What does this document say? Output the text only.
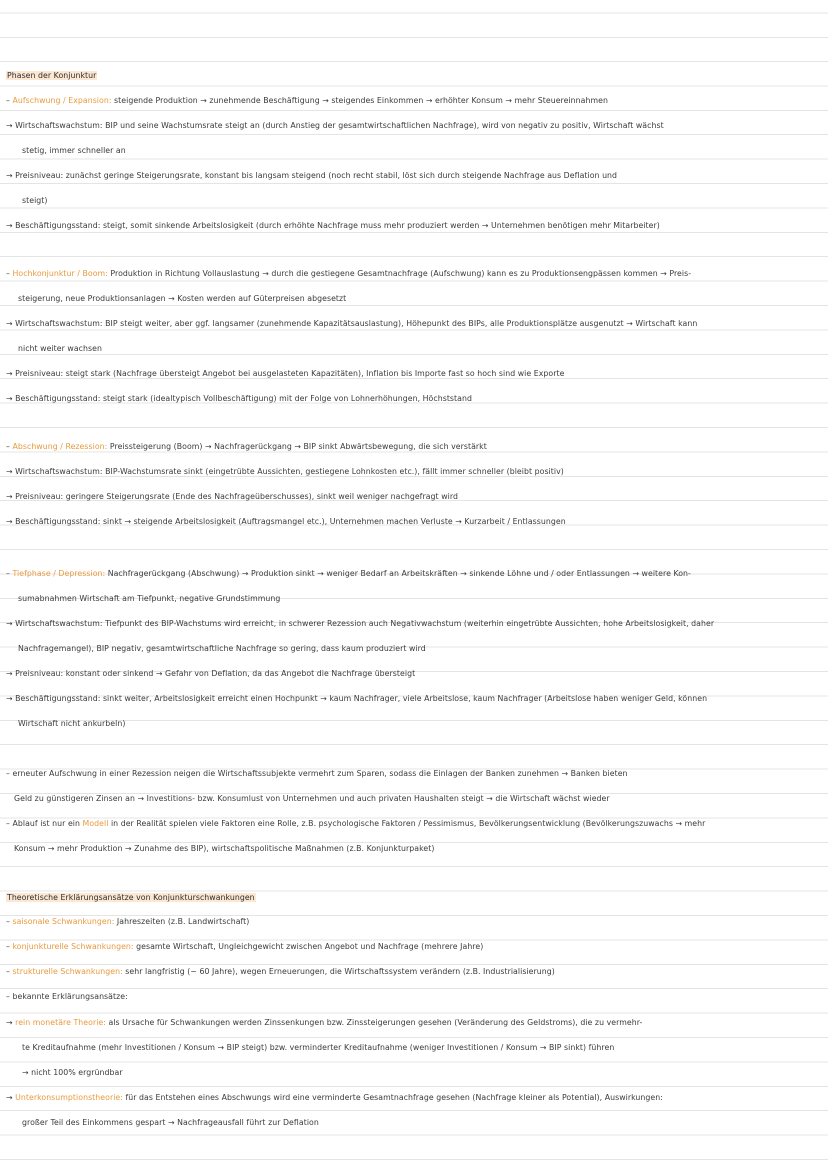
Phasen der Konjunktur
– Aufschwung / Expansion: steigende Produktion → zunehmende Beschäftigung → steigendes Einkommen → erhöhter Konsum → mehr Steuereinnahmen
→ Wirtschaftswachstum: BIP und seine Wachstumsrate steigt an (durch Anstieg der gesamtwirtschaftlichen Nachfrage), wird von negativ zu positiv, Wirtschaft wächst
stetig, immer schneller an
→ Preisniveau: zunächst geringe Steigerungsrate, konstant bis langsam steigend (noch recht stabil, löst sich durch steigende Nachfrage aus Deflation und
steigt)
→ Beschäftigungsstand: steigt, somit sinkende Arbeitslosigkeit (durch erhöhte Nachfrage muss mehr produziert werden → Unternehmen benötigen mehr Mitarbeiter)
– Hochkonjunktur / Boom: Produktion in Richtung Vollauslastung → durch die gestiegene Gesamtnachfrage (Aufschwung) kann es zu Produktionsengpässen kommen → Preis-
steigerung, neue Produktionsanlagen → Kosten werden auf Güterpreisen abgesetzt
→ Wirtschaftswachstum: BIP steigt weiter, aber ggf. langsamer (zunehmende Kapazitätsauslastung), Höhepunkt des BIPs, alle Produktionsplätze ausgenutzt → Wirtschaft kann
nicht weiter wachsen
→ Preisniveau: steigt stark (Nachfrage übersteigt Angebot bei ausgelasteten Kapazitäten), Inflation bis Importe fast so hoch sind wie Exporte
→ Beschäftigungsstand: steigt stark (idealtypisch Vollbeschäftigung) mit der Folge von Lohnerhöhungen, Höchststand
– Abschwung / Rezession: Preissteigerung (Boom) → Nachfragerückgang → BIP sinkt Abwärtsbewegung, die sich verstärkt
→ Wirtschaftswachstum: BIP-Wachstumsrate sinkt (eingetrübte Aussichten, gestiegene Lohnkosten etc.), fällt immer schneller (bleibt positiv)
→ Preisniveau: geringere Steigerungsrate (Ende des Nachfrageüberschusses), sinkt weil weniger nachgefragt wird
→ Beschäftigungsstand: sinkt → steigende Arbeitslosigkeit (Auftragsmangel etc.), Unternehmen machen Verluste → Kurzarbeit / Entlassungen
– Tiefphase / Depression: Nachfragerückgang (Abschwung) → Produktion sinkt → weniger Bedarf an Arbeitskräften → sinkende Löhne und / oder Entlassungen → weitere Kon-
sumabnahmen Wirtschaft am Tiefpunkt, negative Grundstimmung
→ Wirtschaftswachstum: Tiefpunkt des BIP-Wachstums wird erreicht, in schwerer Rezession auch Negativwachstum (weiterhin eingetrübte Aussichten, hohe Arbeitslosigkeit, daher
Nachfragemangel), BIP negativ, gesamtwirtschaftliche Nachfrage so gering, dass kaum produziert wird
→ Preisniveau: konstant oder sinkend → Gefahr von Deflation, da das Angebot die Nachfrage übersteigt
→ Beschäftigungsstand: sinkt weiter, Arbeitslosigkeit erreicht einen Hochpunkt → kaum Nachfrager, viele Arbeitslose, kaum Nachfrager (Arbeitslose haben weniger Geld, können
Wirtschaft nicht ankurbeln)
– erneuter Aufschwung in einer Rezession neigen die Wirtschaftssubjekte vermehrt zum Sparen, sodass die Einlagen der Banken zunehmen → Banken bieten
Geld zu günstigeren Zinsen an → Investitions- bzw. Konsumlust von Unternehmen und auch privaten Haushalten steigt → die Wirtschaft wächst wieder
– Ablauf ist nur ein Modell in der Realität spielen viele Faktoren eine Rolle, z.B. psychologische Faktoren / Pessimismus, Bevölkerungsentwicklung (Bevölkerungszuwachs → mehr
Konsum → mehr Produktion → Zunahme des BIP), wirtschaftspolitische Maßnahmen (z.B. Konjunkturpaket)
Theoretische Erklärungsansätze von Konjunkturschwankungen
– saisonale Schwankungen: Jahreszeiten (z.B. Landwirtschaft)
– konjunkturelle Schwankungen: gesamte Wirtschaft, Ungleichgewicht zwischen Angebot und Nachfrage (mehrere Jahre)
– strukturelle Schwankungen: sehr langfristig (~ 60 Jahre), wegen Erneuerungen, die Wirtschaftssystem verändern (z.B. Industrialisierung)
– bekannte Erklärungsansätze:
→ rein monetäre Theorie: als Ursache für Schwankungen werden Zinssenkungen bzw. Zinssteigerungen gesehen (Veränderung des Geldstroms), die zu vermehr-
te Kreditaufnahme (mehr Investitionen / Konsum → BIP steigt) bzw. verminderter Kreditaufnahme (weniger Investitionen / Konsum → BIP sinkt) führen
→ nicht 100% ergründbar
→ Unterkonsumptionstheorie: für das Entstehen eines Abschwungs wird eine verminderte Gesamtnachfrage gesehen (Nachfrage kleiner als Potential), Auswirkungen:
großer Teil des Einkommens gespart → Nachfrageausfall führt zur Deflation
